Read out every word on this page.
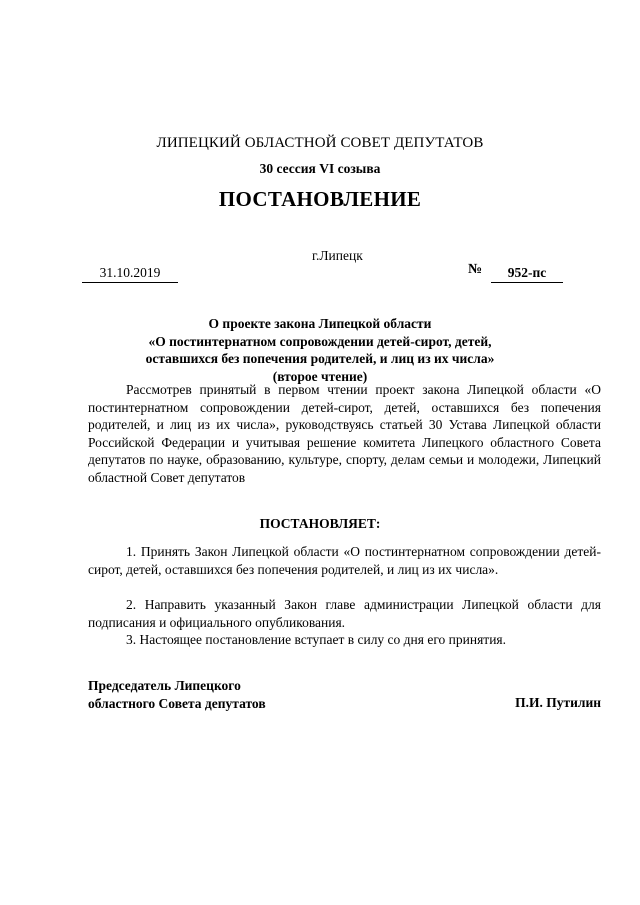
ЛИПЕЦКИЙ ОБЛАСТНОЙ СОВЕТ ДЕПУТАТОВ
30 сессия VI созыва
ПОСТАНОВЛЕНИЕ
г.Липецк
31.10.2019	№	952-пс
О проекте закона Липецкой области
«О постинтернатном сопровождении детей-сирот, детей,
оставшихся без попечения родителей, и лиц из их числа»
(второе чтение)
Рассмотрев принятый в первом чтении проект закона Липецкой области «О постинтернатном сопровождении детей-сирот, детей, оставшихся без попечения родителей, и лиц из их числа», руководствуясь статьей 30 Устава Липецкой области Российской Федерации и учитывая решение комитета Липецкого областного Совета депутатов по науке, образованию, культуре, спорту, делам семьи и молодежи, Липецкий областной Совет депутатов
ПОСТАНОВЛЯЕТ:
1. Принять Закон Липецкой области «О постинтернатном сопровождении детей-сирот, детей, оставшихся без попечения родителей, и лиц из их числа».
2. Направить указанный Закон главе администрации Липецкой области для подписания и официального опубликования.
3. Настоящее постановление вступает в силу со дня его принятия.
Председатель Липецкого
областного Совета депутатов	П.И. Путилин
